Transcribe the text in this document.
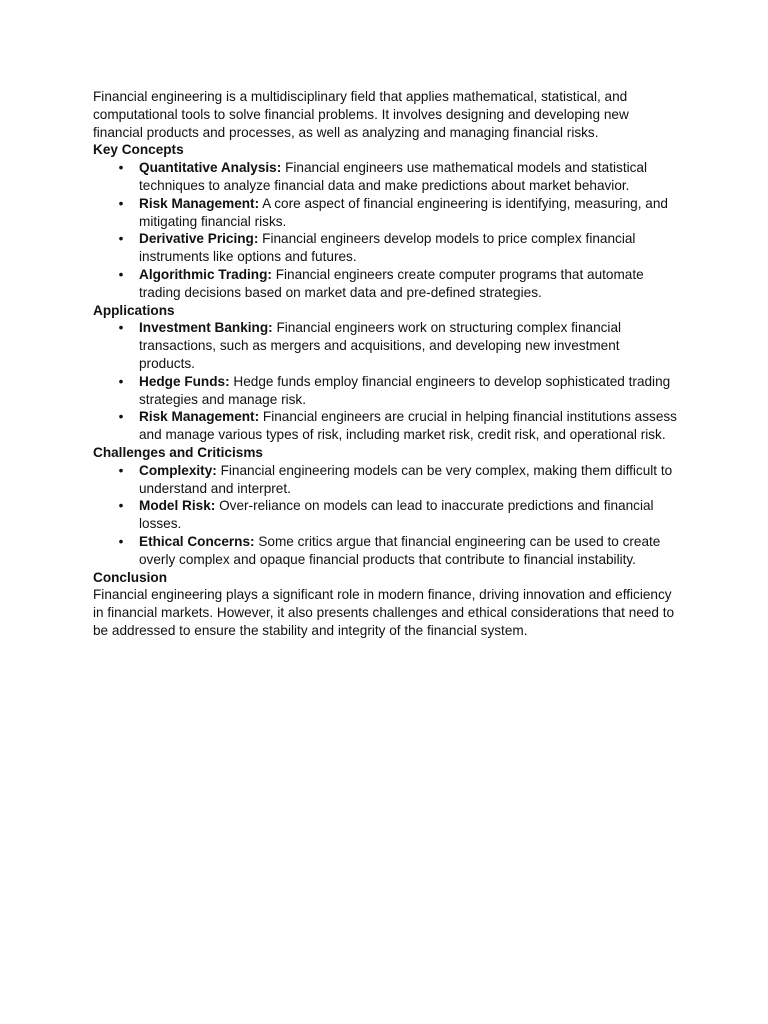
Financial engineering is a multidisciplinary field that applies mathematical, statistical, and computational tools to solve financial problems. It involves designing and developing new financial products and processes, as well as analyzing and managing financial risks.

Key Concepts

• Quantitative Analysis: Financial engineers use mathematical models and statistical techniques to analyze financial data and make predictions about market behavior.
• Risk Management: A core aspect of financial engineering is identifying, measuring, and mitigating financial risks.
• Derivative Pricing: Financial engineers develop models to price complex financial instruments like options and futures.
• Algorithmic Trading: Financial engineers create computer programs that automate trading decisions based on market data and pre-defined strategies.

Applications

• Investment Banking: Financial engineers work on structuring complex financial transactions, such as mergers and acquisitions, and developing new investment products.
• Hedge Funds: Hedge funds employ financial engineers to develop sophisticated trading strategies and manage risk.
• Risk Management: Financial engineers are crucial in helping financial institutions assess and manage various types of risk, including market risk, credit risk, and operational risk.

Challenges and Criticisms

• Complexity: Financial engineering models can be very complex, making them difficult to understand and interpret.
• Model Risk: Over-reliance on models can lead to inaccurate predictions and financial losses.
• Ethical Concerns: Some critics argue that financial engineering can be used to create overly complex and opaque financial products that contribute to financial instability.

Conclusion

Financial engineering plays a significant role in modern finance, driving innovation and efficiency in financial markets. However, it also presents challenges and ethical considerations that need to be addressed to ensure the stability and integrity of the financial system.
